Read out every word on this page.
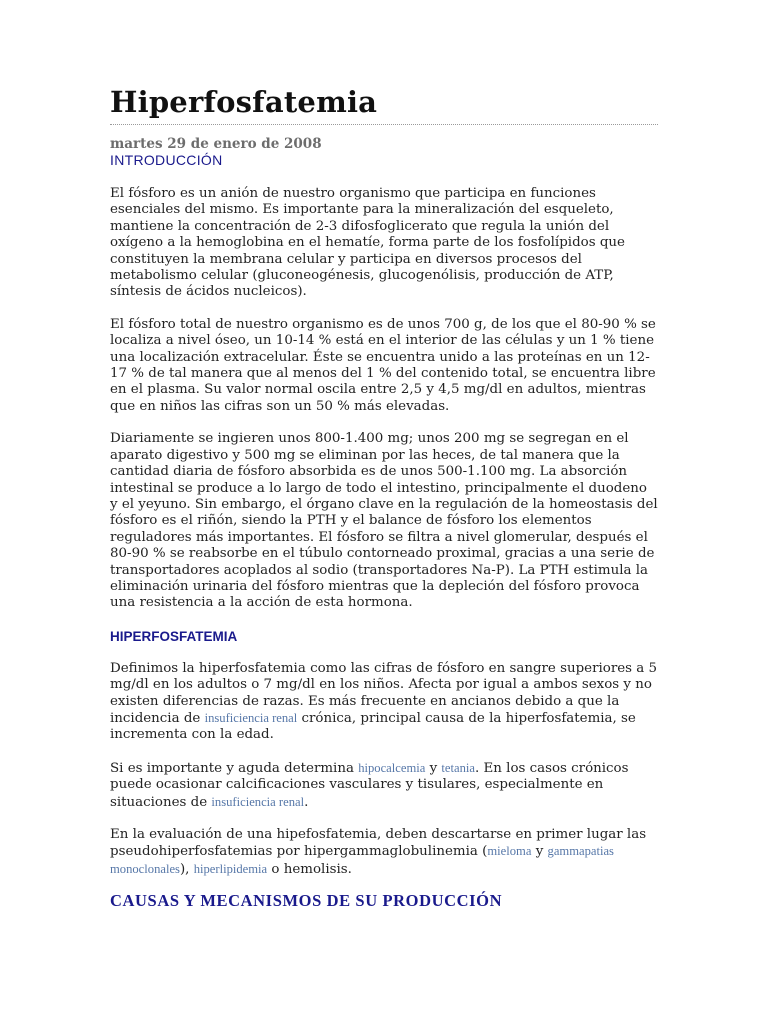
Hiperfosfatemia
martes 29 de enero de 2008
INTRODUCCIÓN

El fósforo es un anión de nuestro organismo que participa en funciones esenciales del mismo. Es importante para la mineralización del esqueleto, mantiene la concentración de 2-3 difosfoglicerato que regula la unión del oxígeno a la hemoglobina en el hematíe, forma parte de los fosfolípidos que constituyen la membrana celular y participa en diversos procesos del metabolismo celular (gluconeogénesis, glucogenólisis, producción de ATP, síntesis de ácidos nucleicos).

El fósforo total de nuestro organismo es de unos 700 g, de los que el 80-90 % se localiza a nivel óseo, un 10-14 % está en el interior de las células y un 1 % tiene una localización extracelular. Éste se encuentra unido a las proteínas en un 12-17 % de tal manera que al menos del 1 % del contenido total, se encuentra libre en el plasma. Su valor normal oscila entre 2,5 y 4,5 mg/dl en adultos, mientras que en niños las cifras son un 50 % más elevadas.

Diariamente se ingieren unos 800-1.400 mg; unos 200 mg se segregan en el aparato digestivo y 500 mg se eliminan por las heces, de tal manera que la cantidad diaria de fósforo absorbida es de unos 500-1.100 mg. La absorción intestinal se produce a lo largo de todo el intestino, principalmente el duodeno y el yeyuno. Sin embargo, el órgano clave en la regulación de la homeostasis del fósforo es el riñón, siendo la PTH y el balance de fósforo los elementos reguladores más importantes. El fósforo se filtra a nivel glomerular, después el 80-90 % se reabsorbe en el túbulo contorneado proximal, gracias a una serie de transportadores acoplados al sodio (transportadores Na-P). La PTH estimula la eliminación urinaria del fósforo mientras que la depleción del fósforo provoca una resistencia a la acción de esta hormona.

HIPERFOSFATEMIA

Definimos la hiperfosfatemia como las cifras de fósforo en sangre superiores a 5 mg/dl en los adultos o 7 mg/dl en los niños. Afecta por igual a ambos sexos y no existen diferencias de razas. Es más frecuente en ancianos debido a que la incidencia de insuficiencia renal crónica, principal causa de la hiperfosfatemia, se incrementa con la edad.

Si es importante y aguda determina hipocalcemia y tetania. En los casos crónicos puede ocasionar calcificaciones vasculares y tisulares, especialmente en situaciones de insuficiencia renal.

En la evaluación de una hipefosfatemia, deben descartarse en primer lugar las pseudohiperfosfatemias por hipergammaglobulinemia (mieloma y gammapatias monoclonales), hiperlipidemia o hemolisis.

CAUSAS Y MECANISMOS DE SU PRODUCCIÓN
